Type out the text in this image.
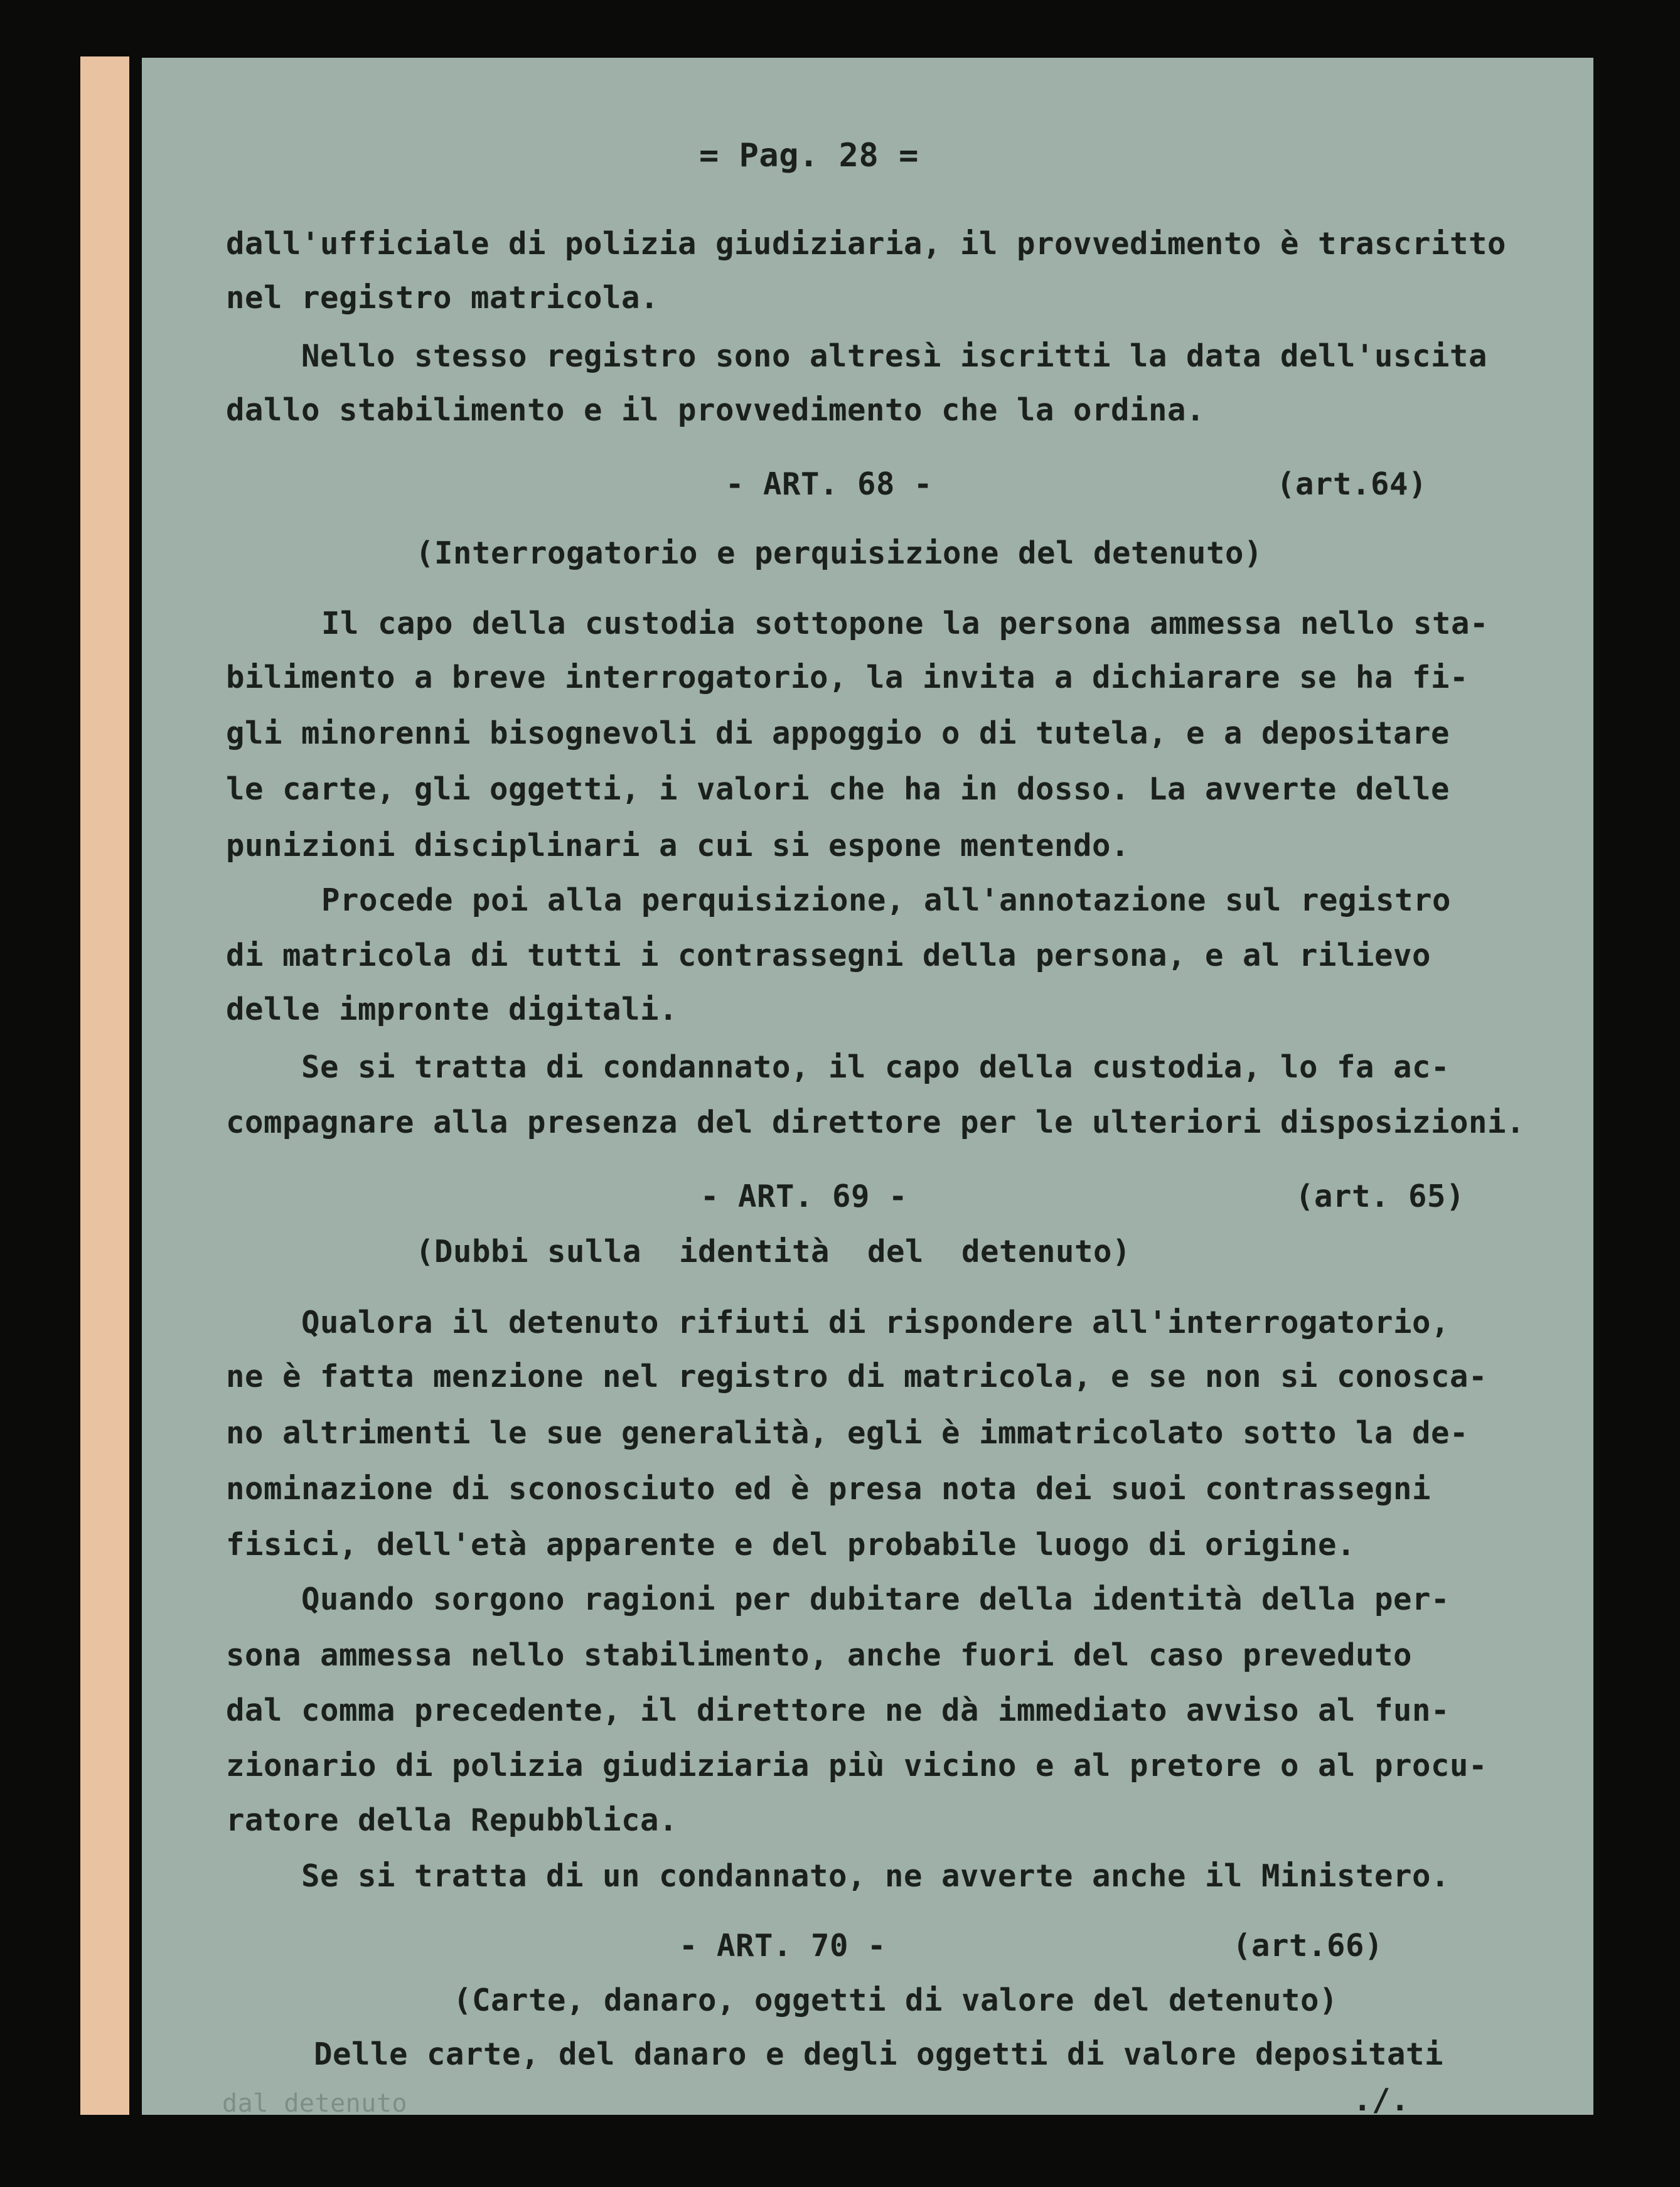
= Pag. 28 =
dall'ufficiale di polizia giudiziaria, il provvedimento è trascritto
nel registro matricola.
Nello stesso registro sono altresì iscritti la data dell'uscita
dallo stabilimento e il provvedimento che la ordina.
- ART. 68 -	(art.64)
(Interrogatorio e perquisizione del detenuto)
Il capo della custodia sottopone la persona ammessa nello sta-
bilimento a breve interrogatorio, la invita a dichiarare se ha fi-
gli minorenni bisognevoli di appoggio o di tutela, e a depositare
le carte, gli oggetti, i valori che ha in dosso. La avverte delle
punizioni disciplinari a cui si espone mentendo.
Procede poi alla perquisizione, all'annotazione sul registro
di matricola di tutti i contrassegni della persona, e al rilievo
delle impronte digitali.
Se si tratta di condannato, il capo della custodia, lo fa ac-
compagnare alla presenza del direttore per le ulteriori disposizioni.
- ART. 69 -	(art. 65)
(Dubbi sulla  identità  del  detenuto)
Qualora il detenuto rifiuti di rispondere all'interrogatorio,
ne è fatta menzione nel registro di matricola, e se non si conosca-
no altrimenti le sue generalità, egli è immatricolato sotto la de-
nominazione di sconosciuto ed è presa nota dei suoi contrassegni
fisici, dell'età apparente e del probabile luogo di origine.
Quando sorgono ragioni per dubitare della identità della per-
sona ammessa nello stabilimento, anche fuori del caso preveduto
dal comma precedente, il direttore ne dà immediato avviso al fun-
zionario di polizia giudiziaria più vicino e al pretore o al procu-
ratore della Repubblica.
Se si tratta di un condannato, ne avverte anche il Ministero.
- ART. 70 -	(art.66)
(Carte, danaro, oggetti di valore del detenuto)
Delle carte, del danaro e degli oggetti di valore depositati
dal detenuto	./.
